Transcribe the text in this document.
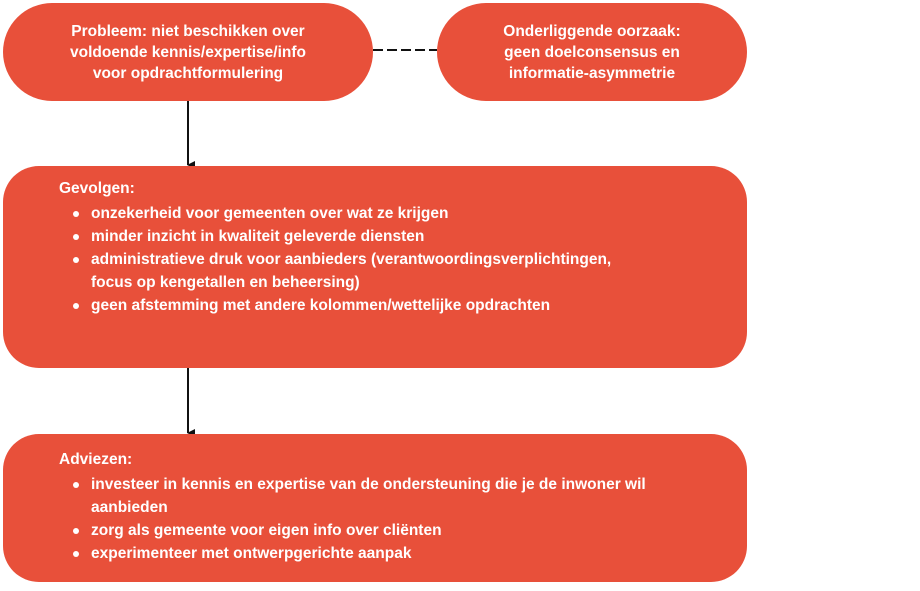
Probleem: niet beschikken over
voldoende kennis/expertise/info
voor opdrachtformulering
Onderliggende oorzaak:
geen doelconsensus en
informatie-asymmetrie

Gevolgen:

onzekerheid voor gemeenten over wat ze krijgen
minder inzicht in kwaliteit geleverde diensten
administratieve druk voor aanbieders (verantwoordingsverplichtingen, focus op kengetallen en beheersing)
geen afstemming met andere kolommen/wettelijke opdrachten

Adviezen:

investeer in kennis en expertise van de ondersteuning die je de inwoner wil aanbieden
zorg als gemeente voor eigen info over cliënten
experimenteer met ontwerpgerichte aanpak
